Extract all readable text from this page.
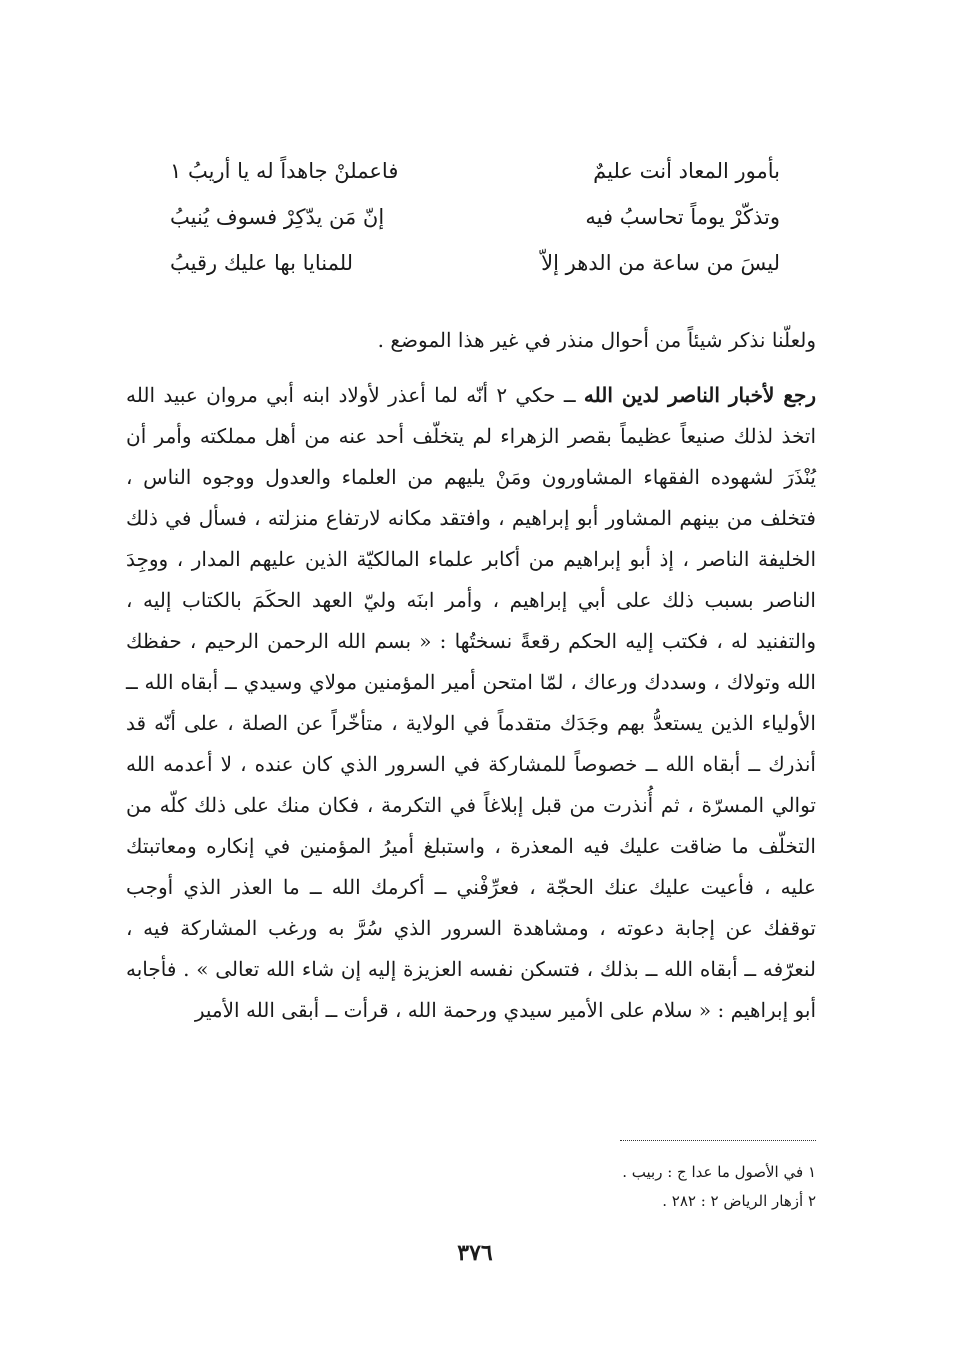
بأمور المعاد أنت عليمٌ
فاعملنْ جاهداً له يا أريبُ ١
وتذكّرْ يوماً تحاسبُ فيه
إنّ مَن يدّكِرْ فسوف يُنيبُ
ليسَ من ساعة من الدهر إلاّ
للمنايا بها عليك رقيبُ

ولعلّنا نذكر شيئاً من أحوال منذر في غير هذا الموضع .

رجع لأخبار الناصر لدين الله ــ حكي ٢ أنّه لما أعذر لأولاد ابنه أبي مروان عبيد الله اتخذ لذلك صنيعاً عظيماً بقصر الزهراء لم يتخلّف أحد عنه من أهل مملكته وأمر أن يُنْذَرَ لشهوده الفقهاء المشاورون ومَنْ يليهم من العلماء والعدول ووجوه الناس ، فتخلف من بينهم المشاور أبو إبراهيم ، وافتقد مكانه لارتفاع منزلته ، فسأل في ذلك الخليفة الناصر ، إذ أبو إبراهيم من أكابر علماء المالكيّة الذين عليهم المدار ، ووجِدَ الناصر بسبب ذلك على أبي إبراهيم ، وأمر ابنَه وليّ العهد الحكَمَ بالكتاب إليه ، والتفنيد له ، فكتب إليه الحكم رقعةً نسختُها : « بسم الله الرحمن الرحيم ، حفظك الله وتولاك ، وسددك ورعاك ، لمّا امتحن أمير المؤمنين مولاي وسيدي ــ أبقاه الله ــ الأولياء الذين يستعدُّ بهم وجَدَك متقدماً في الولاية ، متأخّراً عن الصلة ، على أنّه قد أنذرك ــ أبقاه الله ــ خصوصاً للمشاركة في السرور الذي كان عنده ، لا أعدمه الله توالي المسرّة ، ثم أُنذرت من قبل إبلاغاً في التكرمة ، فكان منك على ذلك كلّه من التخلّف ما ضاقت عليك فيه المعذرة ، واستبلغ أميرُ المؤمنين في إنكاره ومعاتبتك عليه ، فأعيت عليك عنك الحجّة ، فعرِّفْني ــ أكرمك الله ــ ما العذر الذي أوجب توقفك عن إجابة دعوته ، ومشاهدة السرور الذي سُرَّ به ورغب المشاركة فيه ، لنعرّفه ــ أبقاه الله ــ بذلك ، فتسكن نفسه العزيزة إليه إن شاء الله تعالى » . فأجابه أبو إبراهيم : « سلام على الأمير سيدي ورحمة الله ، قرأت ــ أبقى الله الأمير

١ في الأصول ما عدا ج : ربيب .
٢ أزهار الرياض ٢ : ٢٨٢ .
٣٧٦
